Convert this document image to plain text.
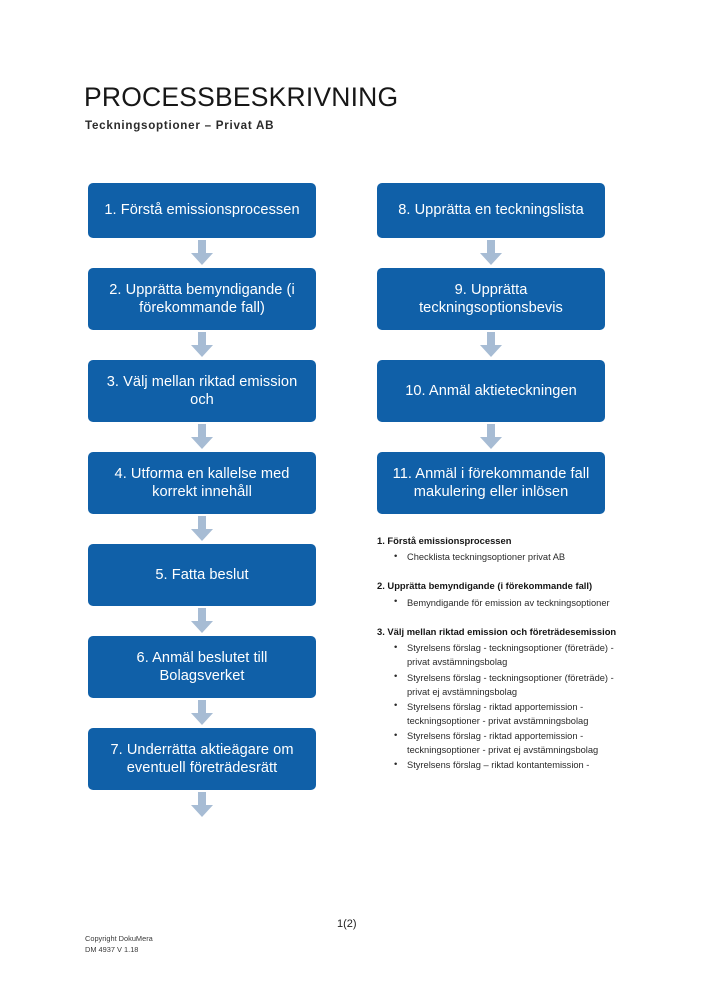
PROCESSBESKRIVNING
Teckningsoptioner – Privat AB
1. Förstå emissionsprocessen
2. Upprätta bemyndigande (i förekommande fall)
3. Välj mellan riktad emission och
4. Utforma en kallelse med korrekt innehåll
5. Fatta beslut
6. Anmäl beslutet till Bolagsverket
7. Underrätta aktieägare om eventuell företrädesrätt
8. Upprätta en teckningslista
9. Upprätta teckningsoptionsbevis
10. Anmäl aktieteckningen
11. Anmäl i förekommande fall makulering eller inlösen

1. Förstå emissionsprocessen

• Checklista teckningsoptioner privat AB

2. Upprätta bemyndigande (i förekommande fall)

• Bemyndigande för emission av teckningsoptioner

3. Välj mellan riktad emission och företrädesemission

• Styrelsens förslag - teckningsoptioner (företräde) - privat avstämningsbolag
• Styrelsens förslag - teckningsoptioner (företräde) - privat ej avstämningsbolag
• Styrelsens förslag - riktad apportemission - teckningsoptioner - privat avstämningsbolag
• Styrelsens förslag - riktad apportemission - teckningsoptioner - privat ej avstämningsbolag
• Styrelsens förslag – riktad kontantemission -
1(2)
Copyright DokuMera
DM 4937 V 1.18
